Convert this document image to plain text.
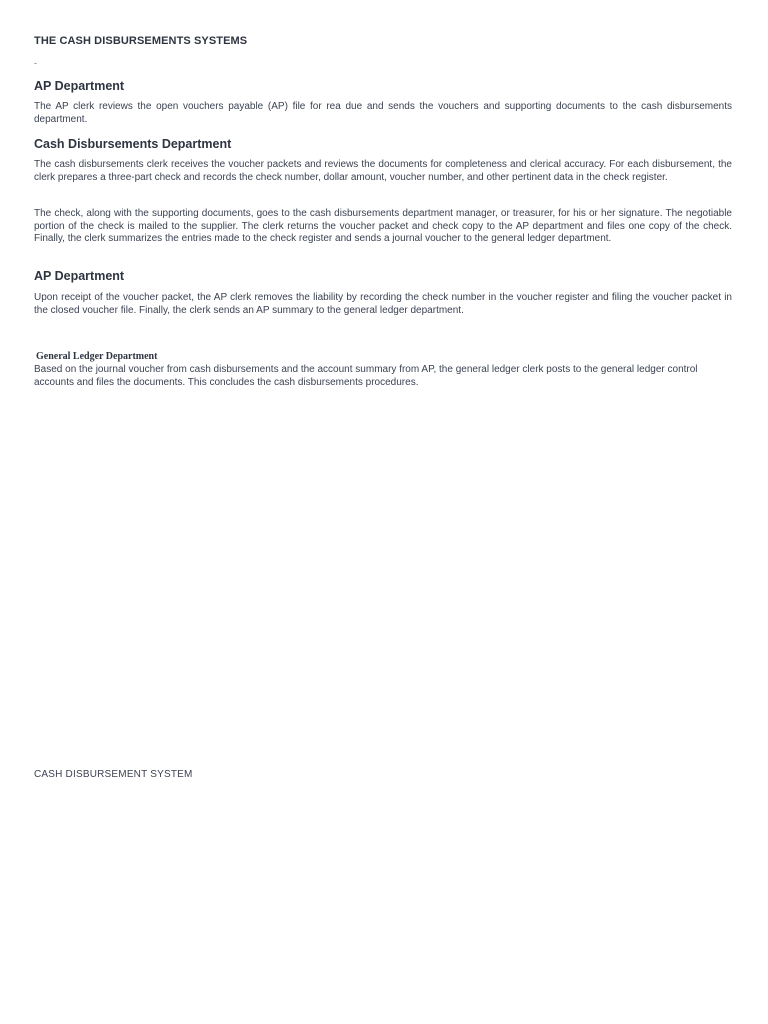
THE CASH DISBURSEMENTS SYSTEMS
-
AP Department
The AP clerk reviews the open vouchers payable (AP) file for rea due and sends the vouchers and supporting documents to the cash disbursements department.
Cash Disbursements Department
The cash disbursements clerk receives the voucher packets and reviews the documents for completeness and clerical accuracy. For each disbursement, the clerk prepares a three-part check and records the check number, dollar amount, voucher number, and other pertinent data in the check register.
The check, along with the supporting documents, goes to the cash disbursements department manager, or treasurer, for his or her signature. The negotiable portion of the check is mailed to the supplier. The clerk returns the voucher packet and check copy to the AP department and files one copy of the check. Finally, the clerk summarizes the entries made to the check register and sends a journal voucher to the general ledger department.
AP Department
Upon receipt of the voucher packet, the AP clerk removes the liability by recording the check number in the voucher register and filing the voucher packet in the closed voucher file. Finally, the clerk sends an AP summary to the general ledger department.
General Ledger Department
Based on the journal voucher from cash disbursements and the account summary from AP, the general ledger clerk posts to the general ledger control accounts and files the documents. This concludes the cash disbursements procedures.
CASH DISBURSEMENT SYSTEM
